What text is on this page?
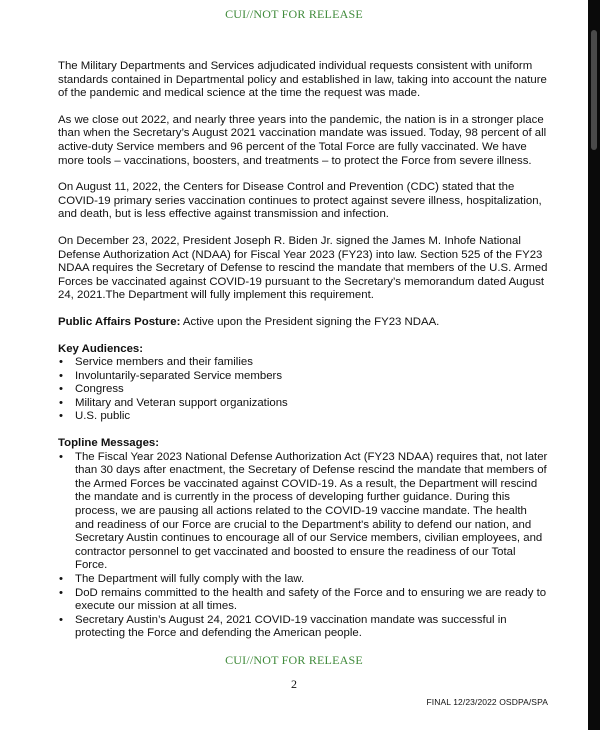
CUI//NOT FOR RELEASE

The Military Departments and Services adjudicated individual requests consistent with uniform standards contained in Departmental policy and established in law, taking into account the nature of the pandemic and medical science at the time the request was made.

As we close out 2022, and nearly three years into the pandemic, the nation is in a stronger place than when the Secretary’s August 2021 vaccination mandate was issued. Today, 98 percent of all active-duty Service members and 96 percent of the Total Force are fully vaccinated. We have more tools – vaccinations, boosters, and treatments – to protect the Force from severe illness.

On August 11, 2022, the Centers for Disease Control and Prevention (CDC) stated that the COVID-19 primary series vaccination continues to protect against severe illness, hospitalization, and death, but is less effective against transmission and infection.

On December 23, 2022, President Joseph R. Biden Jr. signed the James M. Inhofe National Defense Authorization Act (NDAA) for Fiscal Year 2023 (FY23) into law. Section 525 of the FY23 NDAA requires the Secretary of Defense to rescind the mandate that members of the U.S. Armed Forces be vaccinated against COVID-19 pursuant to the Secretary’s memorandum dated August 24, 2021.The Department will fully implement this requirement.

Public Affairs Posture: Active upon the President signing the FY23 NDAA.

Key Audiences:
• Service members and their families
• Involuntarily-separated Service members
• Congress
• Military and Veteran support organizations
• U.S. public
Topline Messages:
• The Fiscal Year 2023 National Defense Authorization Act (FY23 NDAA) requires that, not later than 30 days after enactment, the Secretary of Defense rescind the mandate that members of the Armed Forces be vaccinated against COVID-19. As a result, the Department will rescind the mandate and is currently in the process of developing further guidance. During this process, we are pausing all actions related to the COVID-19 vaccine mandate. The health and readiness of our Force are crucial to the Department's ability to defend our nation, and Secretary Austin continues to encourage all of our Service members, civilian employees, and contractor personnel to get vaccinated and boosted to ensure the readiness of our Total Force.
• The Department will fully comply with the law.
• DoD remains committed to the health and safety of the Force and to ensuring we are ready to execute our mission at all times.
• Secretary Austin’s August 24, 2021 COVID-19 vaccination mandate was successful in protecting the Force and defending the American people.
CUI//NOT FOR RELEASE
2
FINAL 12/23/2022 OSDPA/SPA
